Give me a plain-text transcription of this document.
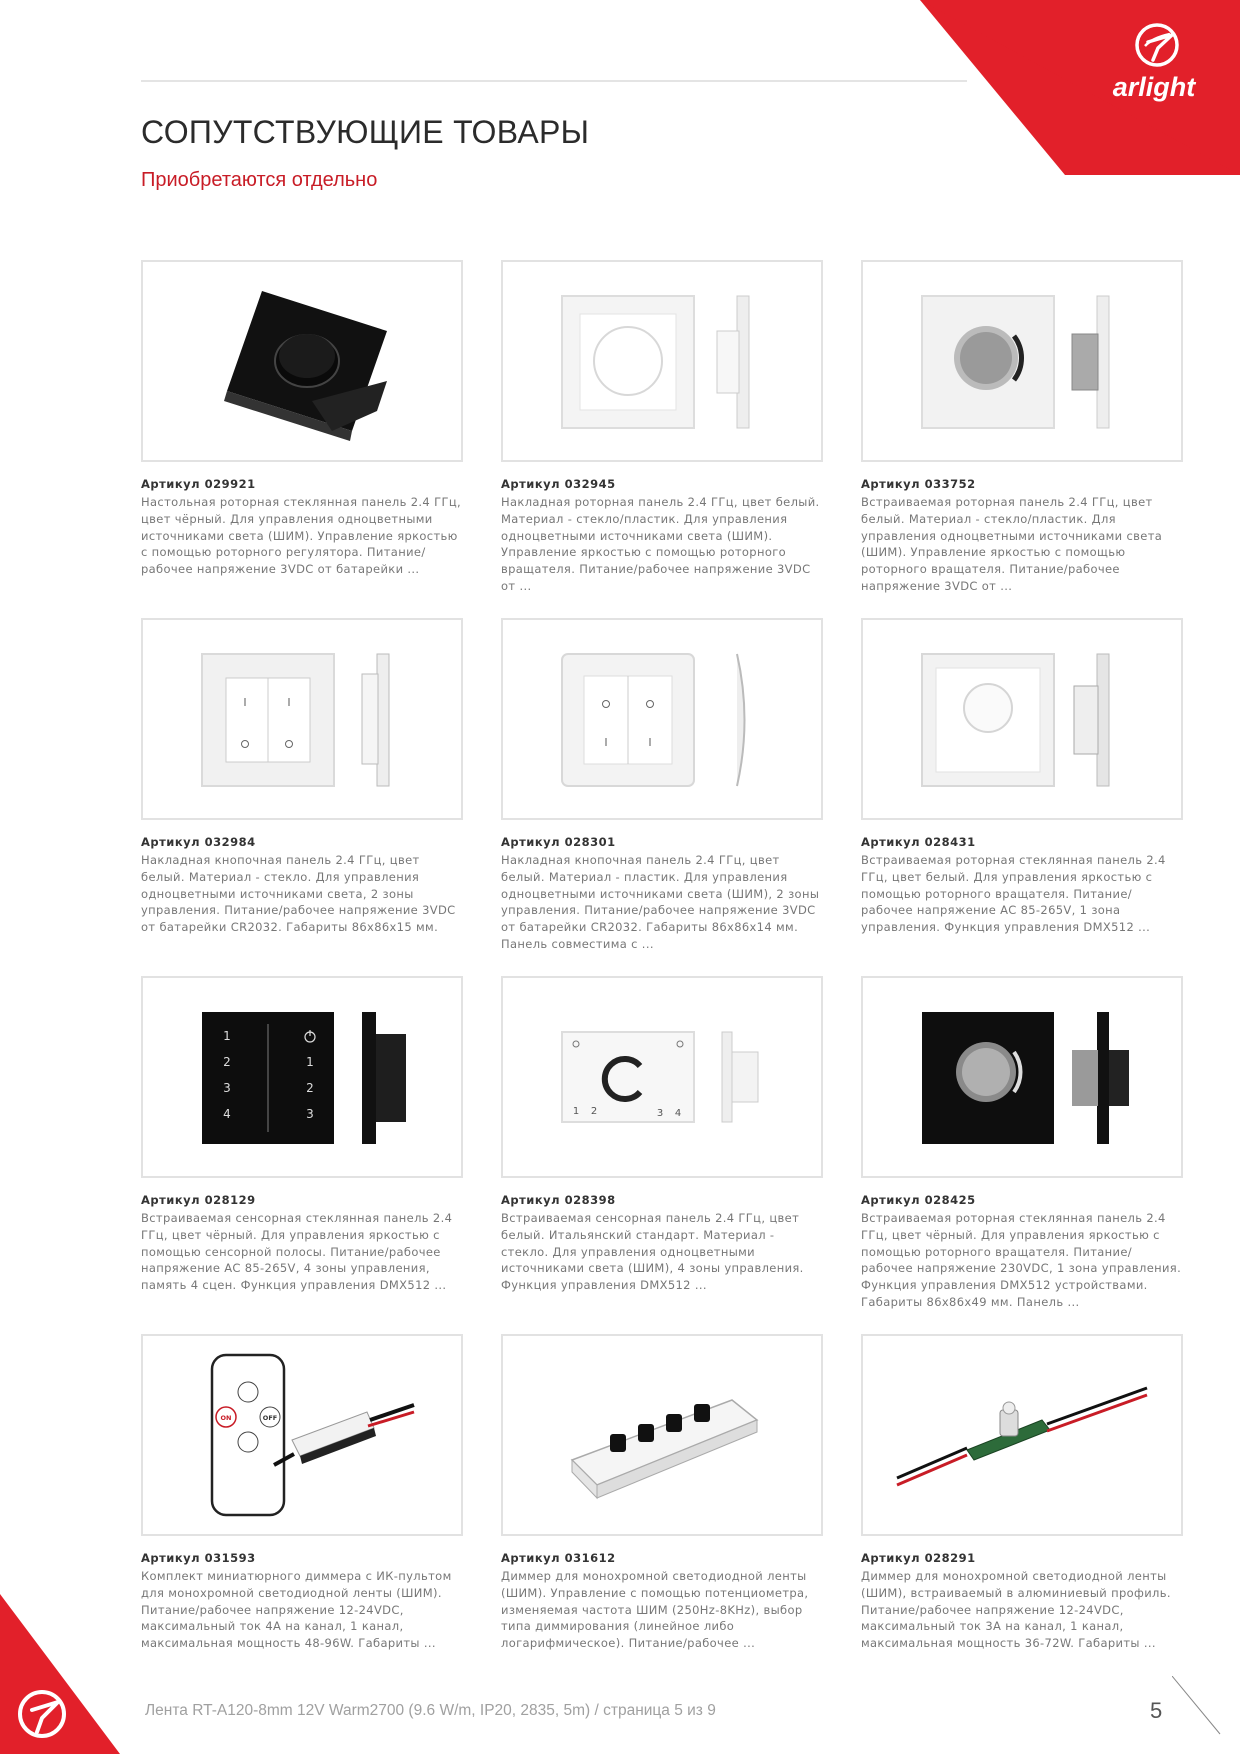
arlight
СОПУТСТВУЮЩИЕ ТОВАРЫ

Приобретаются отдельно

Артикул 029921
Настольная роторная стеклянная панель 2.4 ГГц, цвет чёрный. Для управления одноцветными источниками света (ШИМ). Управление яркостью с помощью роторного регулятора. Питание/рабочее напряжение 3VDC от батарейки ...
Артикул 032945
Накладная роторная панель 2.4 ГГц, цвет белый. Материал - стекло/пластик. Для управления одноцветными источниками света (ШИМ). Управление яркостью с помощью роторного вращателя. Питание/рабочее напряжение 3VDC от ...
Артикул 033752
Встраиваемая роторная панель 2.4 ГГц, цвет белый. Материал - стекло/пластик. Для управления одноцветными источниками света (ШИМ). Управление яркостью с помощью роторного вращателя. Питание/рабочее напряжение 3VDC от ...
I	I
Артикул 032984
Накладная кнопочная панель 2.4 ГГц, цвет белый. Материал - стекло. Для управления одноцветными источниками света, 2 зоны управления. Питание/рабочее напряжение 3VDC от батарейки CR2032. Габариты 86x86x15 мм.
I	I
Артикул 028301
Накладная кнопочная панель 2.4 ГГц, цвет белый. Материал - пластик. Для управления одноцветными источниками света (ШИМ), 2 зоны управления. Питание/рабочее напряжение 3VDC от батарейки CR2032. Габариты 86x86x14 мм. Панель совместима с ...
Артикул 028431
Встраиваемая роторная стеклянная панель 2.4 ГГц, цвет белый. Для управления яркостью с помощью роторного вращателя. Питание/рабочее напряжение AC 85-265V, 1 зона управления. Функция управления DMX512 ...
1
2
3
4
1
2
3
Артикул 028129
Встраиваемая сенсорная стеклянная панель 2.4 ГГц, цвет чёрный. Для управления яркостью с помощью сенсорной полосы. Питание/рабочее напряжение AC 85-265V, 4 зоны управления, память 4 сцен. Функция управления DMX512 ...
1 2	3 4
Артикул 028398
Встраиваемая сенсорная панель 2.4 ГГц, цвет белый. Итальянский стандарт. Материал - стекло. Для управления одноцветными источниками света (ШИМ), 4 зоны управления. Функция управления DMX512 ...
Артикул 028425
Встраиваемая роторная стеклянная панель 2.4 ГГц, цвет чёрный. Для управления яркостью с помощью роторного вращателя. Питание/рабочее напряжение 230VDC, 1 зона управления. Функция управления DMX512 устройствами. Габариты 86x86x49 мм. Панель ...
ON	OFF
Артикул 031593
Комплект миниатюрного диммера с ИК-пультом для монохромной светодиодной ленты (ШИМ). Питание/рабочее напряжение 12-24VDC, максимальный ток 4А на канал, 1 канал, максимальная мощность 48-96W. Габариты ...
Артикул 031612
Диммер для монохромной светодиодной ленты (ШИМ). Управление с помощью потенциометра, изменяемая частота ШИМ (250Hz-8KHz), выбор типа диммирования (линейное либо логарифмическое). Питание/рабочее ...
Артикул 028291
Диммер для монохромной светодиодной ленты (ШИМ), встраиваемый в алюминиевый профиль. Питание/рабочее напряжение 12-24VDC, максимальный ток 3А на канал, 1 канал, максимальная мощность 36-72W. Габариты ...
Лента RT-A120-8mm 12V Warm2700 (9.6 W/m, IP20, 2835, 5m) / страница 5 из 9	5
